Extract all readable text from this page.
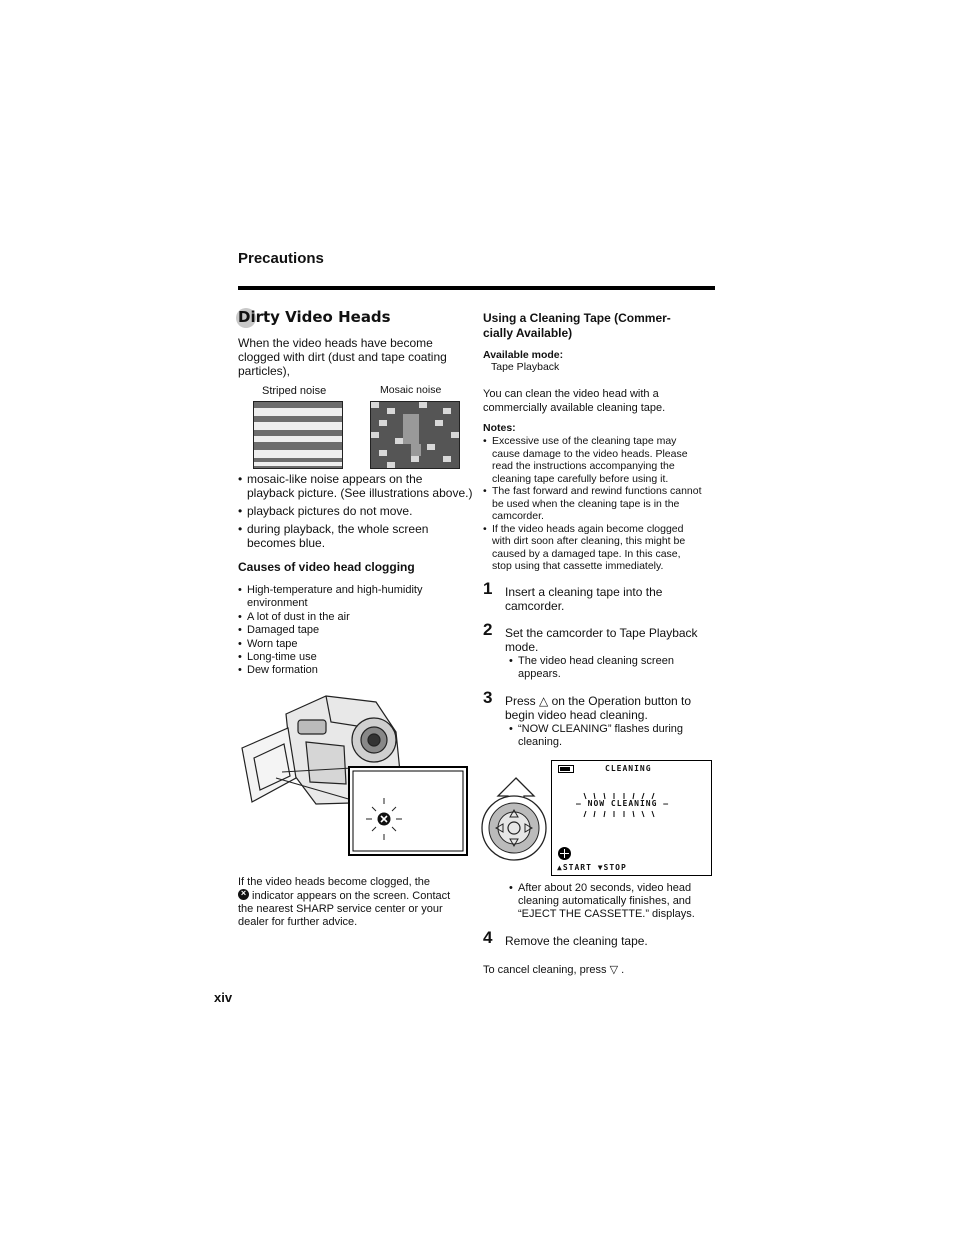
Precautions
Dirty Video Heads
When the video heads have become
clogged with dirt (dust and tape coating
particles),
Striped noise	Mosaic noise
• mosaic-like noise appears on the
playback picture. (See illustrations above.)
• playback pictures do not move.
• during playback, the whole screen
becomes blue.
Causes of video head clogging
• High-temperature and high-humidity
environment
• A lot of dust in the air
• Damaged tape
• Worn tape
• Long-time use
• Dew formation
If the video heads become clogged, the
× indicator appears on the screen. Contact
the nearest SHARP service center or your
dealer for further advice.
Using a Cleaning Tape (Commer-
cially Available)
Available mode:
Tape Playback
You can clean the video head with a
commercially available cleaning tape.
Notes:
• Excessive use of the cleaning tape may
cause damage to the video heads. Please
read the instructions accompanying the
cleaning tape carefully before using it.
• The fast forward and rewind functions cannot
be used when the cleaning tape is in the
camcorder.
• If the video heads again become clogged
with dirt soon after cleaning, this might be
caused by a damaged tape. In this case,
stop using that cassette immediately.
1 Insert a cleaning tape into the
camcorder.
2 Set the camcorder to Tape Playback
mode.
• The video head cleaning screen
appears.
3 Press △ on the Operation button to
begin video head cleaning.
• “NOW CLEANING” flashes during
cleaning.
CLEANING
— NOW CLEANING —
▲START ▼STOP
• After about 20 seconds, video head
cleaning automatically finishes, and
“EJECT THE CASSETTE.” displays.
4 Remove the cleaning tape.
To cancel cleaning, press ▽ .
xiv
